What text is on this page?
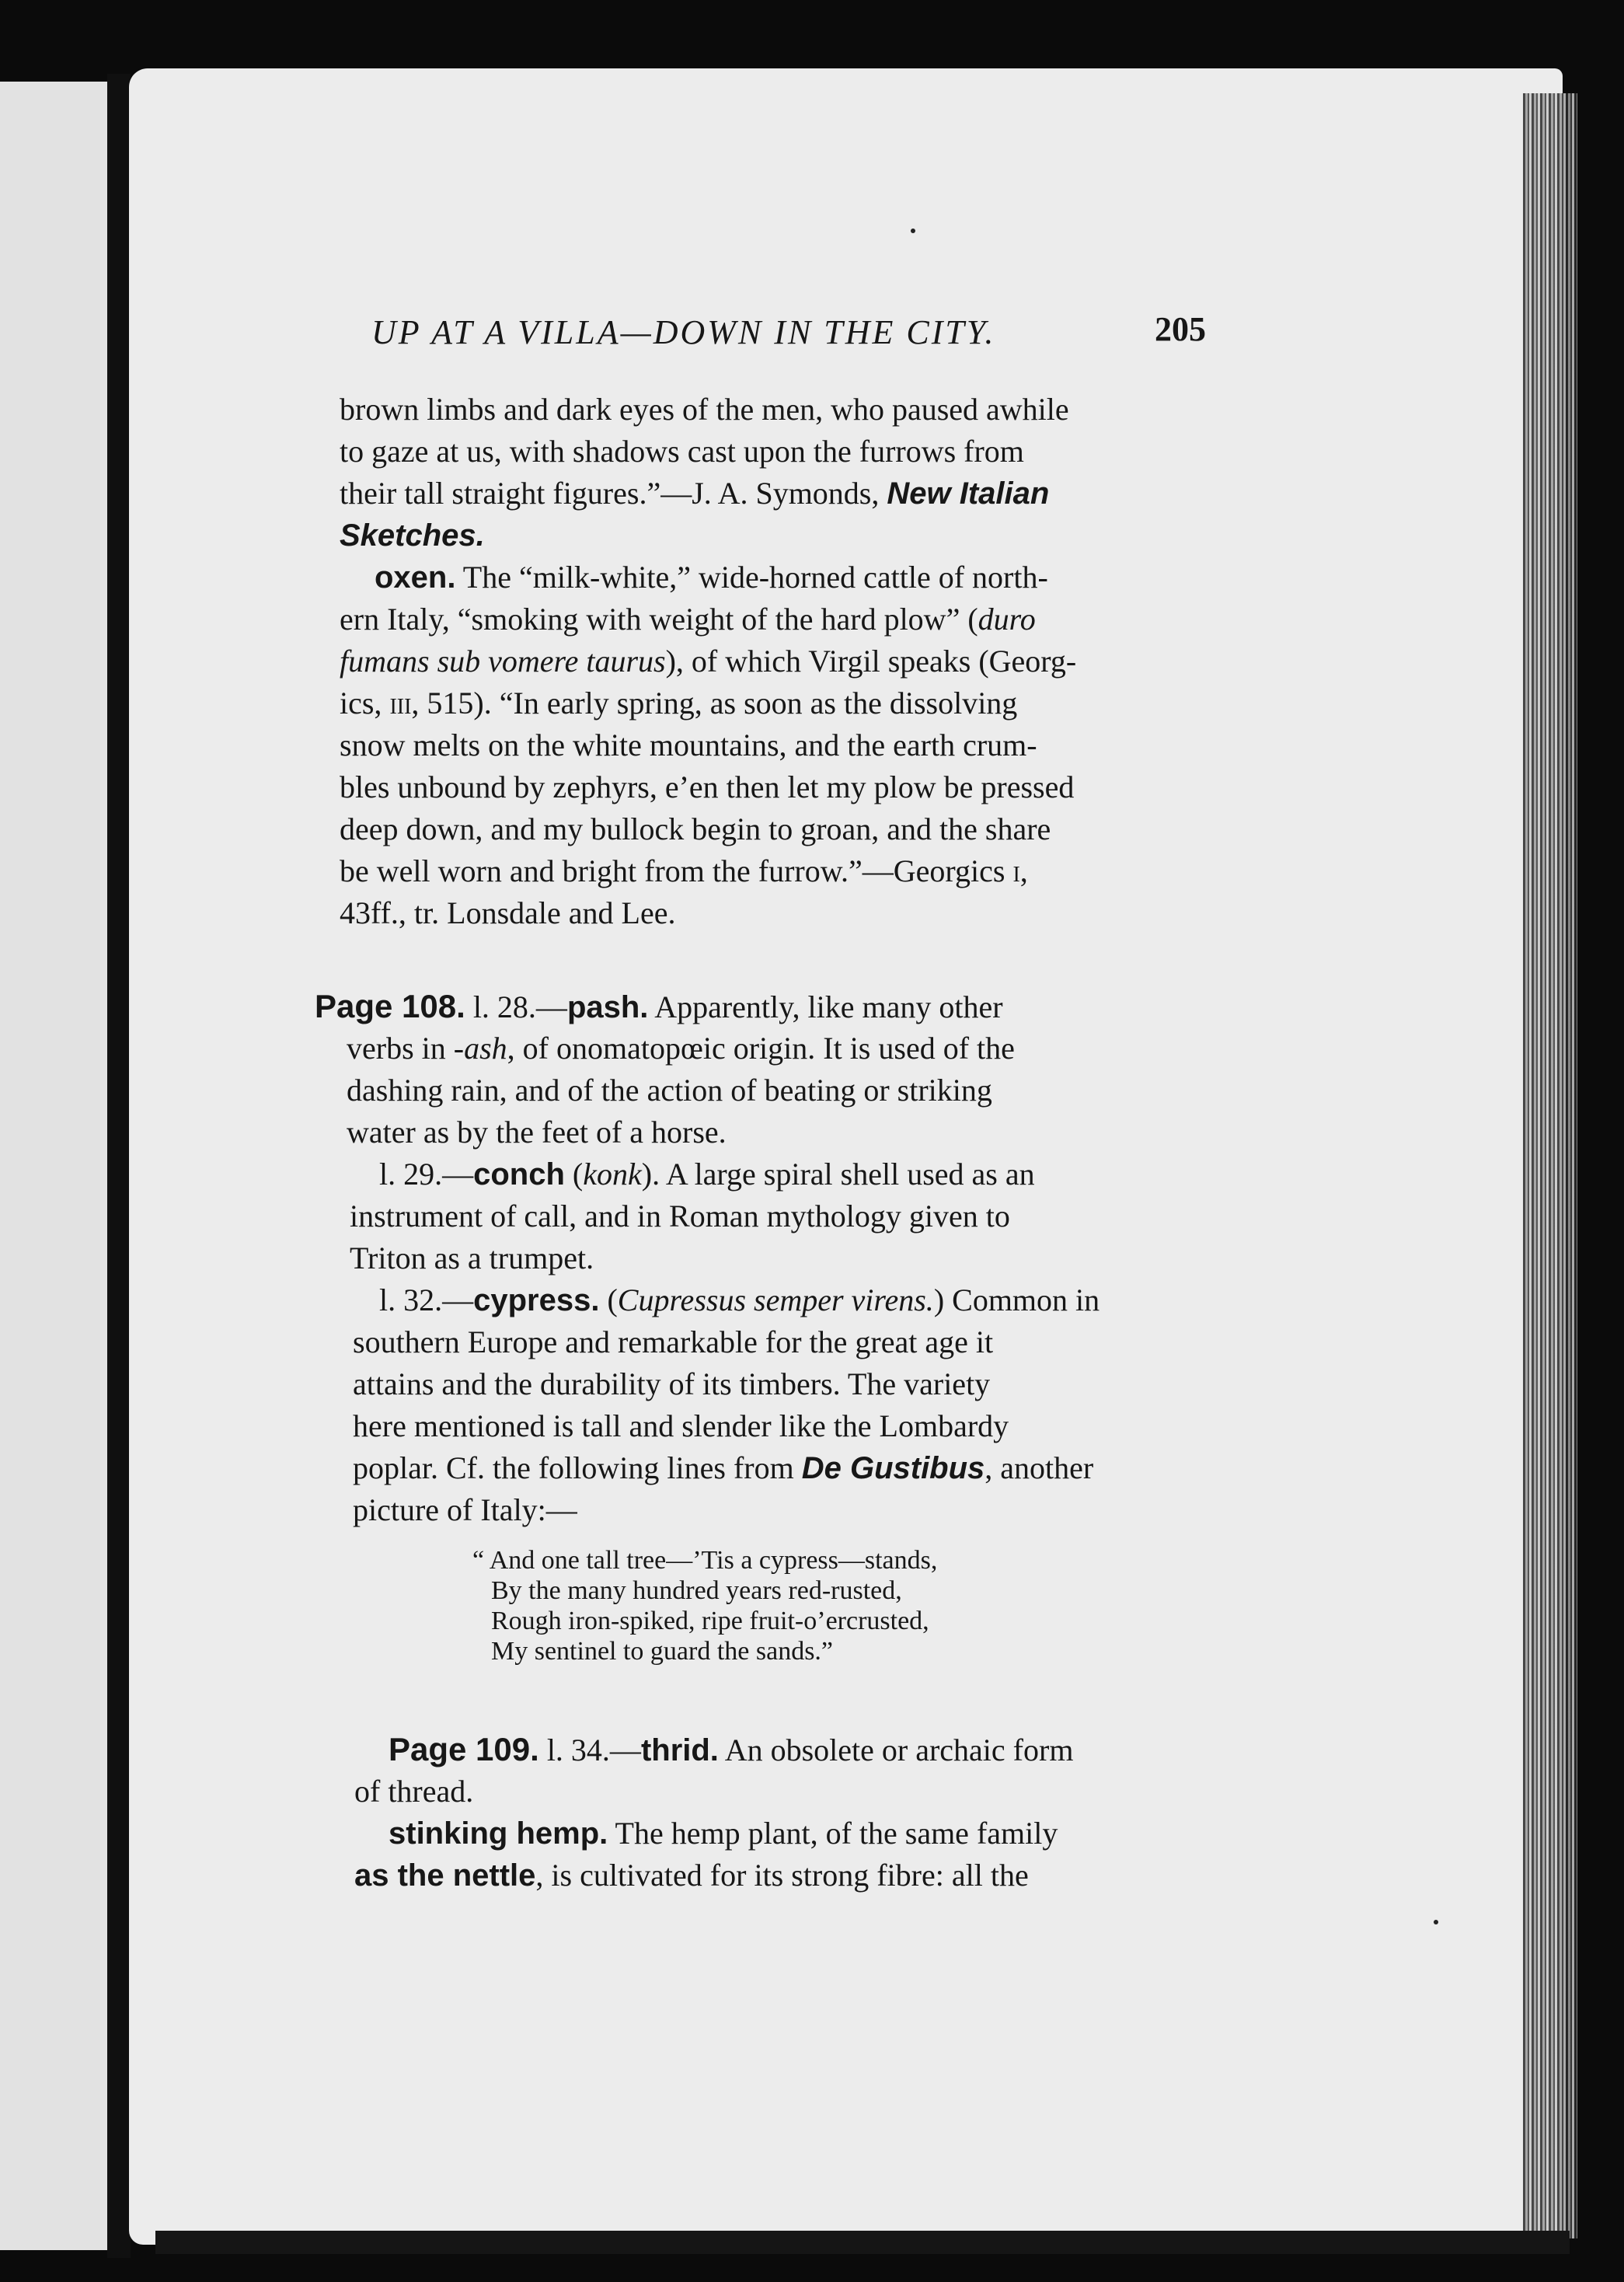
UP AT A VILLA—DOWN IN THE CITY.	205
brown limbs and dark eyes of the men, who paused awhile
to gaze at us, with shadows cast upon the furrows from
their tall straight figures.”—J. A. Symonds, New Italian
Sketches.
oxen. The “milk-white,” wide-horned cattle of north-
ern Italy, “smoking with weight of the hard plow” (duro
fumans sub vomere taurus), of which Virgil speaks (Georg-
ics, iii, 515). “In early spring, as soon as the dissolving
snow melts on the white mountains, and the earth crum-
bles unbound by zephyrs, e’en then let my plow be pressed
deep down, and my bullock begin to groan, and the share
be well worn and bright from the furrow.”—Georgics i,
43ff., tr. Lonsdale and Lee.
Page 108. l. 28.—pash. Apparently, like many other
verbs in -ash, of onomatopœic origin. It is used of the
dashing rain, and of the action of beating or striking
water as by the feet of a horse.
l. 29.—conch (konk). A large spiral shell used as an
instrument of call, and in Roman mythology given to
Triton as a trumpet.
l. 32.—cypress. (Cupressus semper virens.) Common in
southern Europe and remarkable for the great age it
attains and the durability of its timbers. The variety
here mentioned is tall and slender like the Lombardy
poplar. Cf. the following lines from De Gustibus, another
picture of Italy:—
“ And one tall tree—’Tis a cypress—stands,
By the many hundred years red-rusted,
Rough iron-spiked, ripe fruit-o’ercrusted,
My sentinel to guard the sands.”
Page 109. l. 34.—thrid. An obsolete or archaic form
of thread.
stinking hemp. The hemp plant, of the same family
as the nettle, is cultivated for its strong fibre: all the
